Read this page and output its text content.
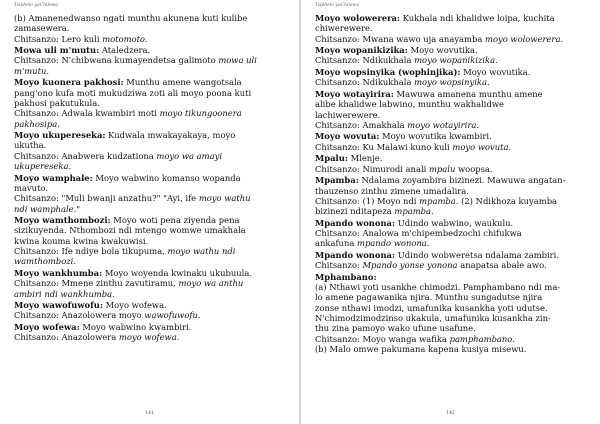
Tsiphelo yaChilewa
(b) Amanenedwanso ngati munthu akunena kuti kulibe
zamasewera.
Chitsanzo: Lero kuli motomoto.
Mowa uli m'mutu: Ataledzera.
Chitsanzo: N'chibwana kumayendetsa galimoto mowa uli
m'mutu.
Moyo kuonera pakhosi: Munthu amene wangotsala
pang'ono kufa moti mukudziwa zoti ali moyo poona kuti
pakhosi pakutukula.
Chitsanzo: Adwala kwambiri moti moyo tikungoonera
pakhosipa.
Moyo ukupereseka: Kudwala mwakayakaya, moyo
ukutha.
Chitsanzo: Anabwera kudzationa moyo wa amayi
ukupereseka.
Moyo wamphale: Moyo wabwino komanso wopanda
mavuto.
Chitsanzo: "Muli bwanji anzathu?" "Ayi, ife moyo wathu
ndi wamphale."
Moyo wamthombozi: Moyo woti pena ziyenda pena
sizikuyenda. Nthombozi ndi mtengo womwe umakhala
kwina kouma kwina kwakuwisi.
Chitsanzo: Ife ndiye bola tikupuma, moyo wathu ndi
wamthombozi.
Moyo wankhumba: Moyo woyenda kwinaku ukubuula.
Chitsanzo: Mmene zinthu zavutiramu, moyo wa anthu
ambiri ndi wankhumba.
Moyo wawofuwofu: Moyo wofewa.
Chitsanzo: Anazolowera moyo wawofuwofu.
Moyo wofewa: Moyo wabwino kwambiri.
Chitsanzo: Anazolowera moyo wofewa.
141
Tsiphelo yaChilewa
Moyo wolowerera: Kukhala ndi khalidwe loipa, kuchita
chiwerewere.
Chitsanzo: Mwana wawo uja anayamba moyo wolowerera.
Moyo wopanikizika: Moyo wovutika.
Chitsanzo: Ndikukhala moyo wopanikizika.
Moyo wopsinyika (wophinjika): Moyo wovutika.
Chitsanzo: Ndikukhala moyo wopsinyika.
Moyo wotayirira: Mawuwa amanena munthu amene
alibe khalidwe labwino, munthu wakhalidwe
lachiwerewere.
Chitsanzo: Amakhala moyo wotayirira.
Moyo wovuta: Moyo wovutika kwambiri.
Chitsanzo: Ku Malawi kuno kuli moyo wovuta.
Mpalu: Mlenje.
Chitsanzo: Nimurodi anali mpalu woopsa.
Mpamba: Ndalama zoyambira bizinezi. Mawuwa angatan-
thauzenso zinthu zimene umadalira.
Chitsanzo: (1) Moyo ndi mpamba. (2) Ndikhoza kuyamba
bizinezi nditapeza mpamba.
Mpando wonona: Udindo wabwino, waukulu.
Chitsanzo: Analowa m'chipembedzochi chifukwa
ankafuna mpando wonona.
Mpando wonona: Udindo wobweretsa ndalama zambiri.
Chitsanzo: Mpando yonse yonona anapatsa abale awo.
Mphambano:
(a) Nthawi yoti usankhe chimodzi. Pamphambano ndi ma-
lo amene pagawanika njira. Munthu sungadutse njira
zonse nthawi imodzi, umafunika kusankha yoti udutse.
N'chimodzimodzinso ukakula, umafunika kusankha zin-
thu zina pamoyo wako ufune usafune.
Chitsanzo: Moyo wanga wafika pamphambano.
(b) Malo omwe pakumana kapena kusiya misewu.
142
